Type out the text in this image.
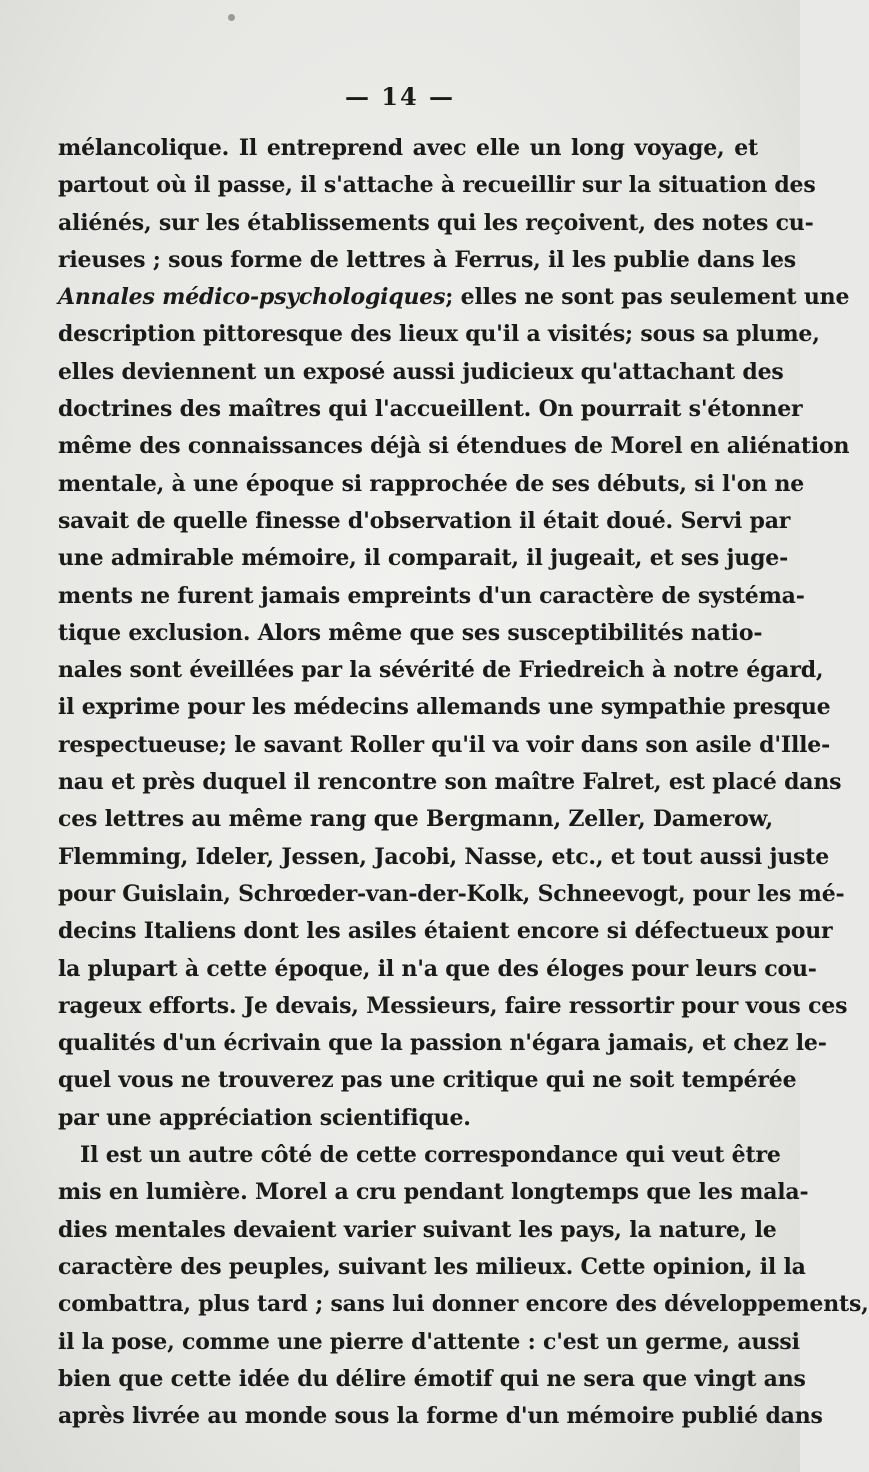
— 14 —
mélancolique. Il entreprend avec elle un long voyage, et
partout où il passe, il s'attache à recueillir sur la situation des
aliénés, sur les établissements qui les reçoivent, des notes cu-
rieuses ; sous forme de lettres à Ferrus, il les publie dans les
Annales médico-psychologiques; elles ne sont pas seulement une
description pittoresque des lieux qu'il a visités; sous sa plume,
elles deviennent un exposé aussi judicieux qu'attachant des
doctrines des maîtres qui l'accueillent. On pourrait s'étonner
même des connaissances déjà si étendues de Morel en aliénation
mentale, à une époque si rapprochée de ses débuts, si l'on ne
savait de quelle finesse d'observation il était doué. Servi par
une admirable mémoire, il comparait, il jugeait, et ses juge-
ments ne furent jamais empreints d'un caractère de systéma-
tique exclusion. Alors même que ses susceptibilités natio-
nales sont éveillées par la sévérité de Friedreich à notre égard,
il exprime pour les médecins allemands une sympathie presque
respectueuse; le savant Roller qu'il va voir dans son asile d'Ille-
nau et près duquel il rencontre son maître Falret, est placé dans
ces lettres au même rang que Bergmann, Zeller, Damerow,
Flemming, Ideler, Jessen, Jacobi, Nasse, etc., et tout aussi juste
pour Guislain, Schrœder-van-der-Kolk, Schneevogt, pour les mé-
decins Italiens dont les asiles étaient encore si défectueux pour
la plupart à cette époque, il n'a que des éloges pour leurs cou-
rageux efforts. Je devais, Messieurs, faire ressortir pour vous ces
qualités d'un écrivain que la passion n'égara jamais, et chez le-
quel vous ne trouverez pas une critique qui ne soit tempérée
par une appréciation scientifique.
Il est un autre côté de cette correspondance qui veut être
mis en lumière. Morel a cru pendant longtemps que les mala-
dies mentales devaient varier suivant les pays, la nature, le
caractère des peuples, suivant les milieux. Cette opinion, il la
combattra, plus tard ; sans lui donner encore des développements,
il la pose, comme une pierre d'attente : c'est un germe, aussi
bien que cette idée du délire émotif qui ne sera que vingt ans
après livrée au monde sous la forme d'un mémoire publié dans
